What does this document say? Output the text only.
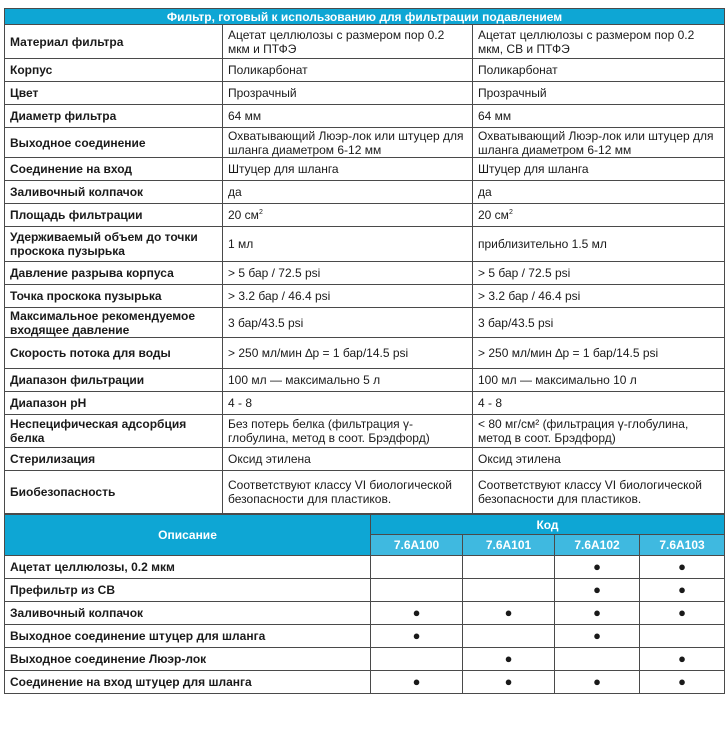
Фильтр, готовый к использованию для фильтрации подавлением		
Материал фильтра	Ацетат целлюлозы с размером пор 0.2 мкм и ПТФЭ	Ацетат целлюлозы с размером пор 0.2 мкм, СВ и ПТФЭ
Корпус	Поликарбонат	Поликарбонат
Цвет	Прозрачный	Прозрачный
Диаметр фильтра	64 мм	64 мм
Выходное соединение	Охватывающий Люэр-лок или штуцер для шланга диаметром 6-12 мм	Охватывающий Люэр-лок или штуцер для шланга диаметром 6-12 мм
Соединение на вход	Штуцер для шланга	Штуцер для шланга
Заливочный колпачок	да	да
Площадь фильтрации	20 $см^2$	20 $см^2$
Удерживаемый объем до точки проскока пузырька	1 мл	приблизительно 1.5 мл
Давление разрыва корпуса	> 5 бар / 72.5 psi	> 5 бар / 72.5 psi
Точка проскока пузырька	> 3.2 бар / 46.4 psi	> 3.2 бар / 46.4 psi
Максимальное рекомендуемое входящее давление	3 бар/43.5 psi	3 бар/43.5 psi
Скорость потока для воды	> 250 мл/мин ∆p = 1 бар/14.5 psi	> 250 мл/мин ∆p = 1 бар/14.5 psi
Диапазон фильтрации	100 мл — максимально 5 л	100 мл — максимально 10 л
Диапазон pH	4 - 8	4 - 8
Неспецифическая адсорбция белка	Без потерь белка (фильтрация γ-глобулина, метод в соот. Брэдфорд)	< 80 мг/см² (фильтрация γ-глобулина, метод в соот. Брэдфорд)
Стерилизация	Оксид этилена	Оксид этилена
Биобезопасность	Соответствуют классу VI биологической безопасности для пластиков.	Соответствуют классу VI биологической безопасности для пластиков.
Описание	Код			
	7.6A100	7.6A101	7.6A102	7.6A103
Ацетат целлюлозы, 0.2 мкм			●	●
Префильтр из СВ			●	●
Заливочный колпачок	●	●	●	●
Выходное соединение штуцер для шланга	●		●	
Выходное соединение Люэр-лок		●		●
Соединение на вход штуцер для шланга	●	●	●	●
